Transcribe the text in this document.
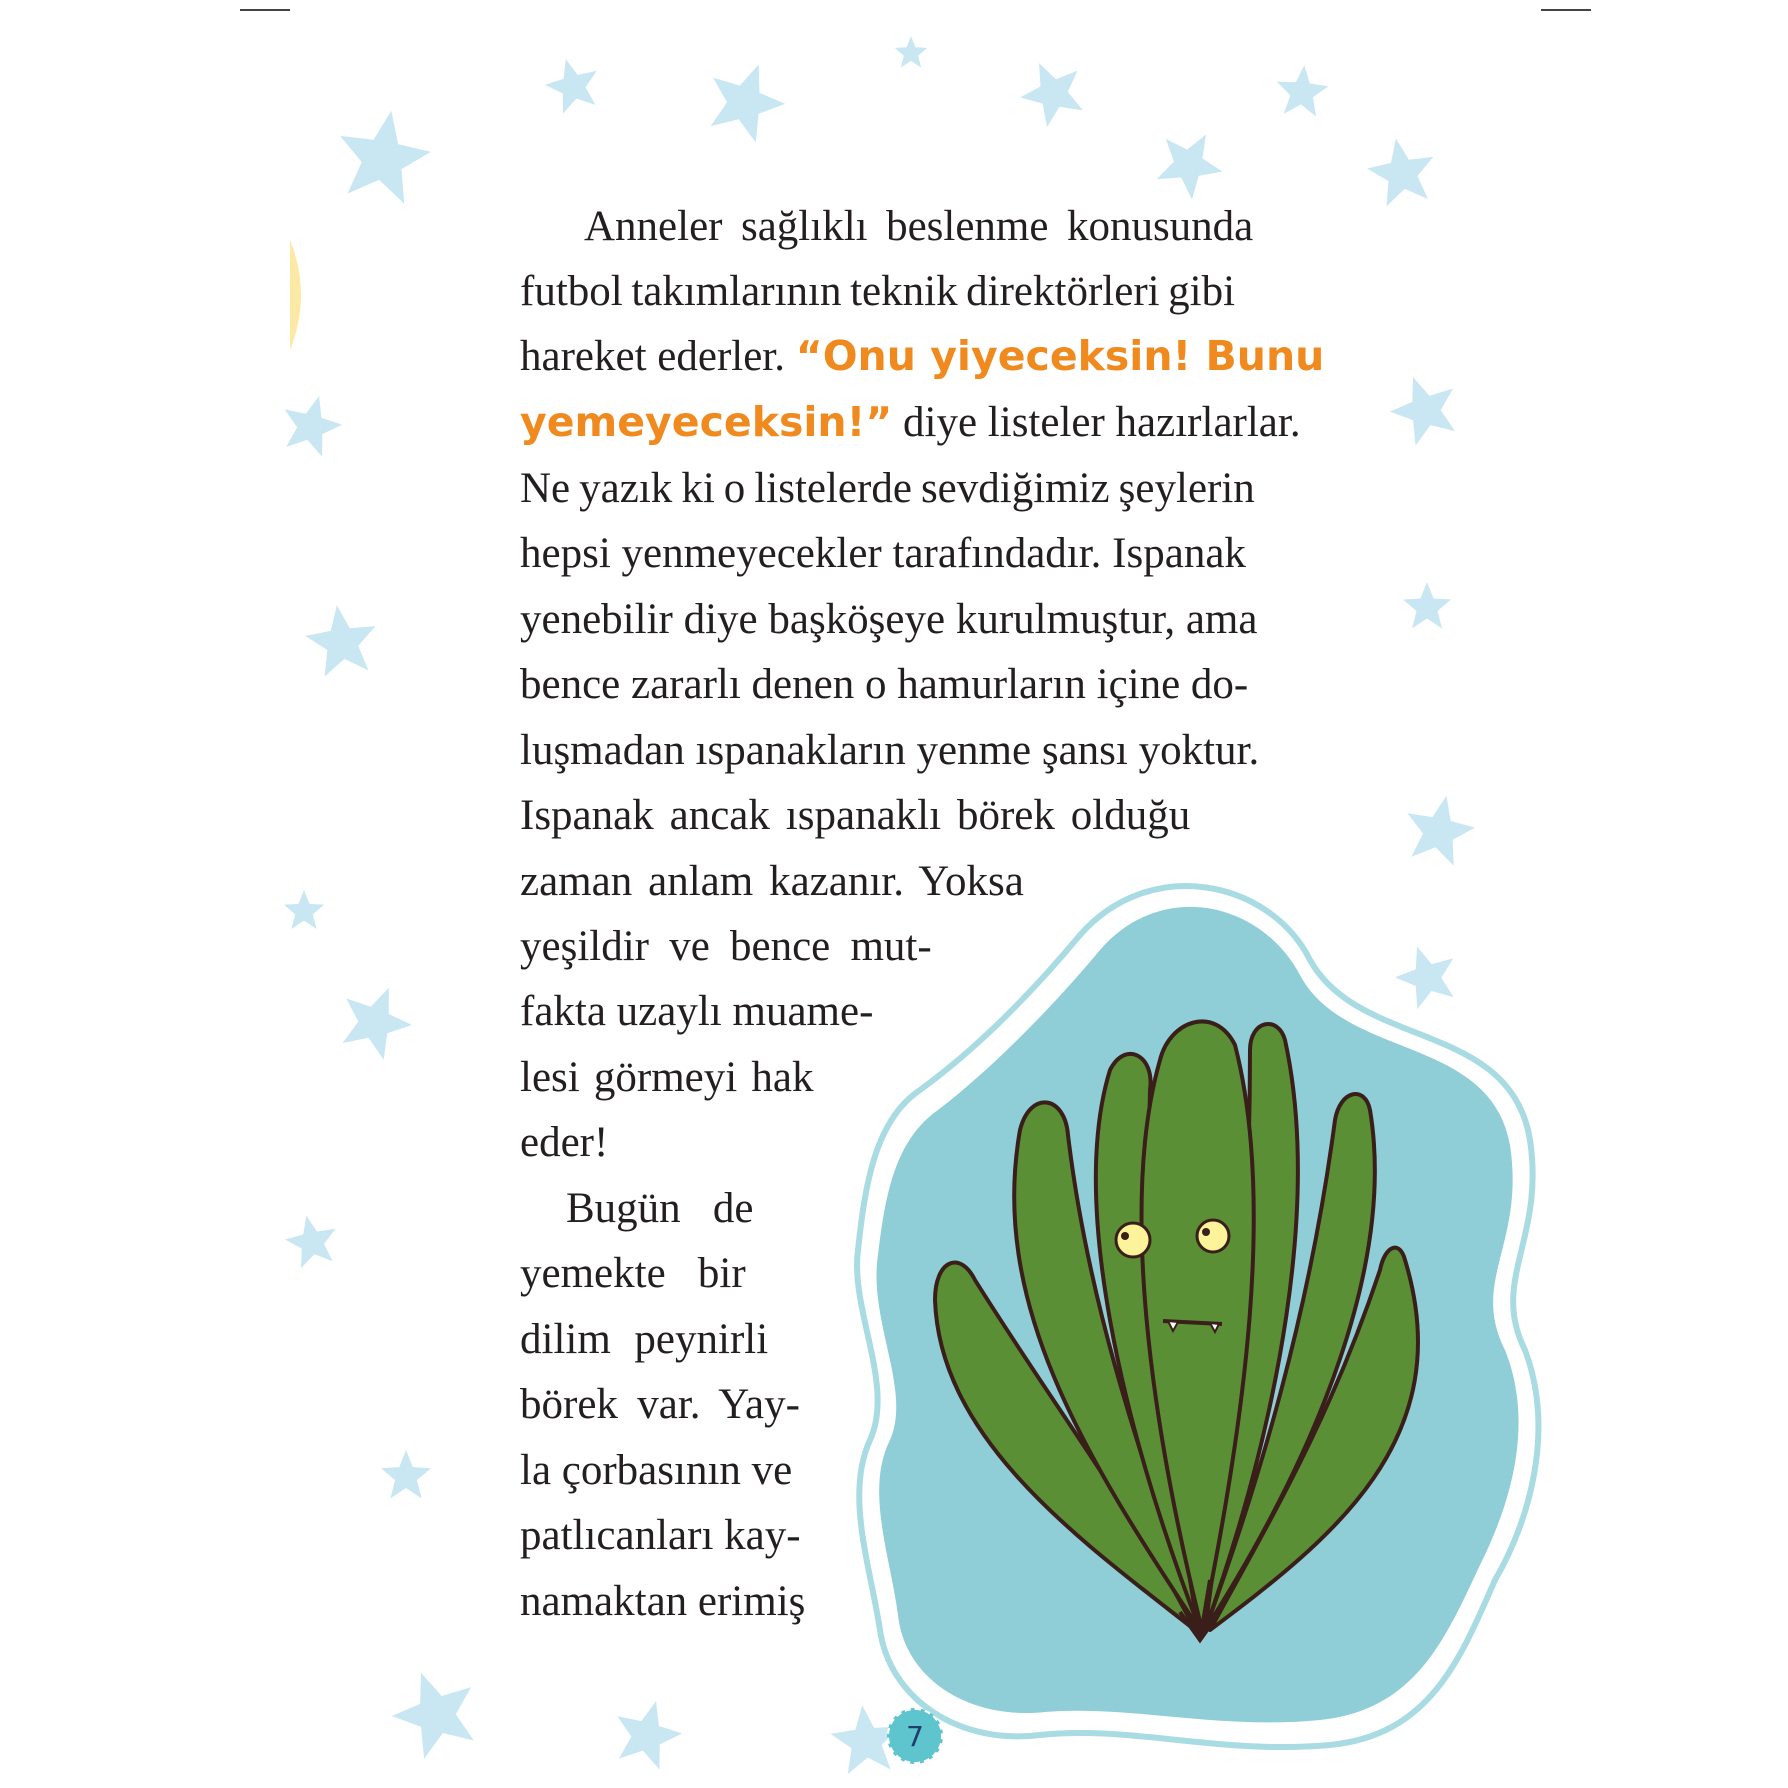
Anneler sağlıklı beslenme konusunda
futbol takımlarının teknik direktörleri gibi
hareket ederler. “Onu yiyeceksin! Bunu
yemeyeceksin!” diye listeler hazırlarlar.
Ne yazık ki o listelerde sevdiğimiz şeylerin
hepsi yenmeyecekler tarafındadır. Ispanak
yenebilir diye başköşeye kurulmuştur, ama
bence zararlı denen o hamurların içine do-
luşmadan ıspanakların yenme şansı yoktur.
Ispanak ancak ıspanaklı börek olduğu
zaman anlam kazanır. Yoksa
yeşildir ve bence mut-
fakta uzaylı muame-
lesi görmeyi hak
eder!
Bugün de
yemekte bir
dilim peynirli
börek var. Yay-
la çorbasının ve
patlıcanları kay-
namaktan erimiş
7
